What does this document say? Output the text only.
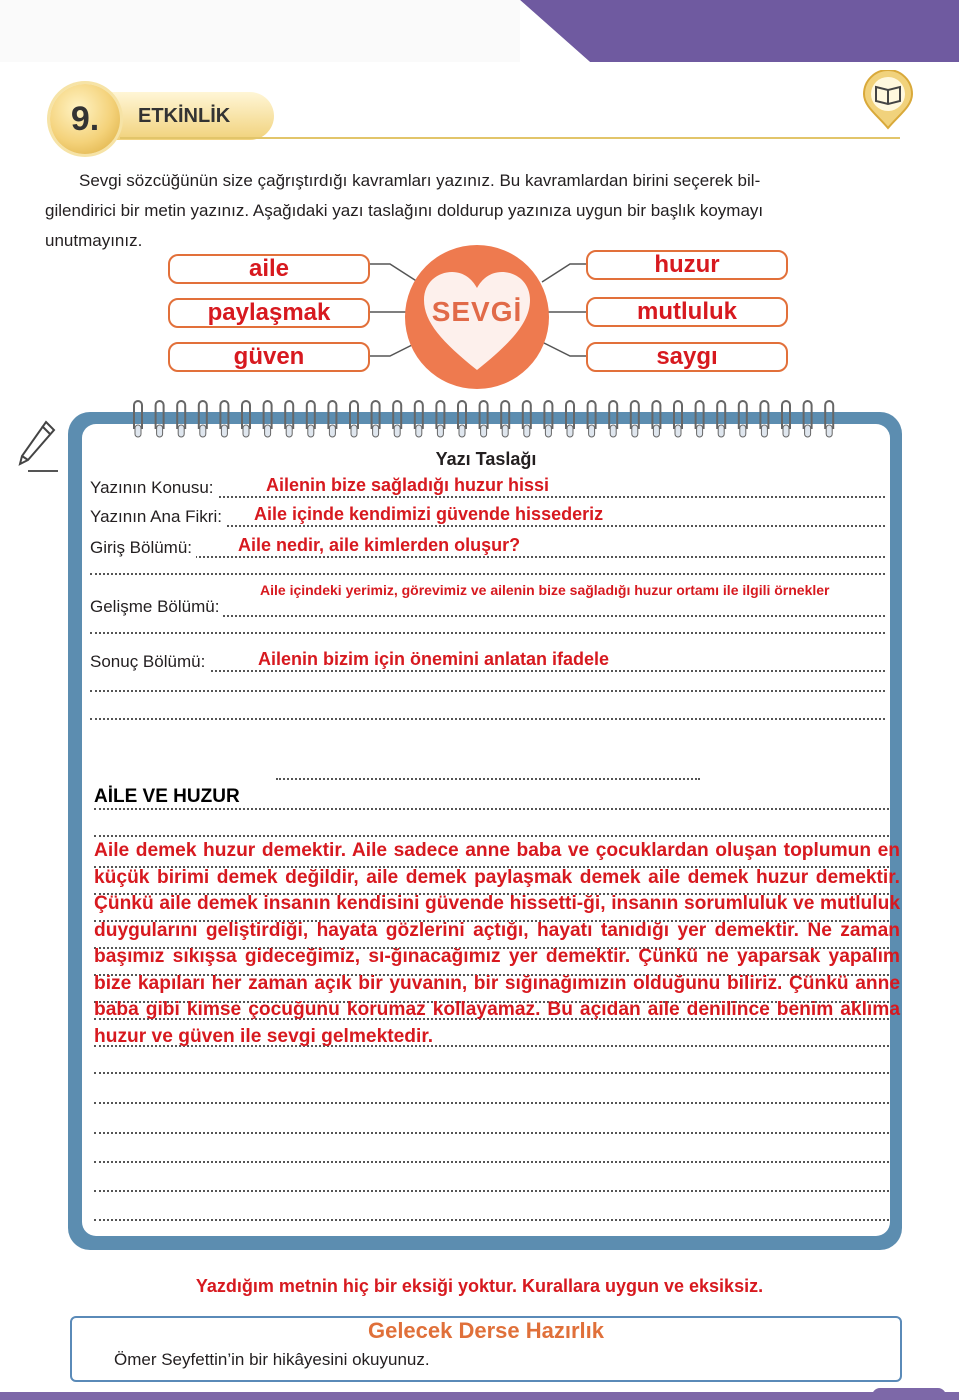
ETKİNLİK
9.
Sevgi sözcüğünün size çağrıştırdığı kavramları yazınız. Bu kavramlardan birini seçerek bil-
gilendirici bir metin yazınız. Aşağıdaki yazı taslağını doldurup yazınıza uygun bir başlık koymayı
unutmayınız.
aile
paylaşmak
güven
huzur
mutluluk
saygı
SEVGİ
Yazı Taslağı
Yazının Konusu:	Ailenin bize sağladığı huzur hissi
Yazının Ana Fikri: Aile içinde kendimizi güvende hissederiz
Giriş Bölümü:	Aile nedir, aile kimlerden oluşur?
Gelişme Bölümü:
Aile içindeki yerimiz, görevimiz ve ailenin bize sağladığı huzur ortamı ile ilgili örnekler
Sonuç Bölümü:	Ailenin bizim için önemini anlatan ifadele
AİLE VE HUZUR
Aile demek huzur demektir. Aile sadece anne baba ve çocuklardan oluşan toplumun en küçük birimi demek değildir, aile demek paylaşmak demek aile demek huzur demektir. Çünkü aile demek insanın kendisini güvende hissetti-ği, insanın sorumluluk ve mutluluk duygularını geliştirdiği, hayata gözlerini açtığı, hayatı tanıdığı yer demektir. Ne zaman başımız sıkışsa gideceğimiz, sı-ğınacağımız yer demektir. Çünkü ne yaparsak yapalım bize kapıları her zaman açık bir yuvanın, bir sığınağımızın olduğunu biliriz. Çünkü anne baba gibi kimse çocuğunu korumaz kollayamaz. Bu açıdan aile denilince benim aklıma huzur ve güven ile sevgi gelmektedir.
Yazdığım metnin hiç bir eksiği yoktur. Kurallara uygun ve eksiksiz.
Gelecek Derse Hazırlık
Ömer Seyfettin’in bir hikâyesini okuyunuz.
